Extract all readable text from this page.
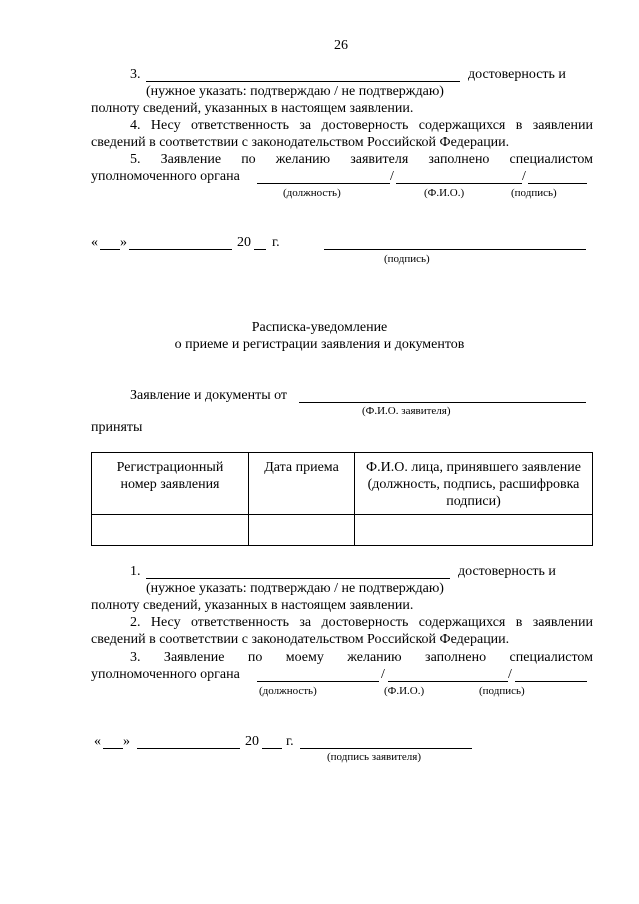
26
3.	достоверность и
(нужное указать: подтверждаю / не подтверждаю)
полноту сведений, указанных в настоящем заявлении.
4. Несу ответственность за достоверность содержащихся в заявлении
сведений в соответствии с законодательством Российской Федерации.
5. Заявление по желанию заявителя заполнено специалистом
уполномоченного органа	/	/
(должность)	(Ф.И.О.)	(подпись)
« »	20 г.
(подпись)
Расписка-уведомление
о приеме и регистрации заявления и документов
Заявление и документы от
(Ф.И.О. заявителя)
приняты
Регистрационный номер заявления	Дата приема	Ф.И.О. лица, принявшего заявление (должность, подпись, расшифровка подписи)

1.	достоверность и
(нужное указать: подтверждаю / не подтверждаю)
полноту сведений, указанных в настоящем заявлении.
2. Несу ответственность за достоверность содержащихся в заявлении
сведений в соответствии с законодательством Российской Федерации.
3. Заявление по моему желанию заполнено специалистом
уполномоченного органа	/	/
(должность)	(Ф.И.О.)	(подпись)
« »	20 г.
(подпись заявителя)
